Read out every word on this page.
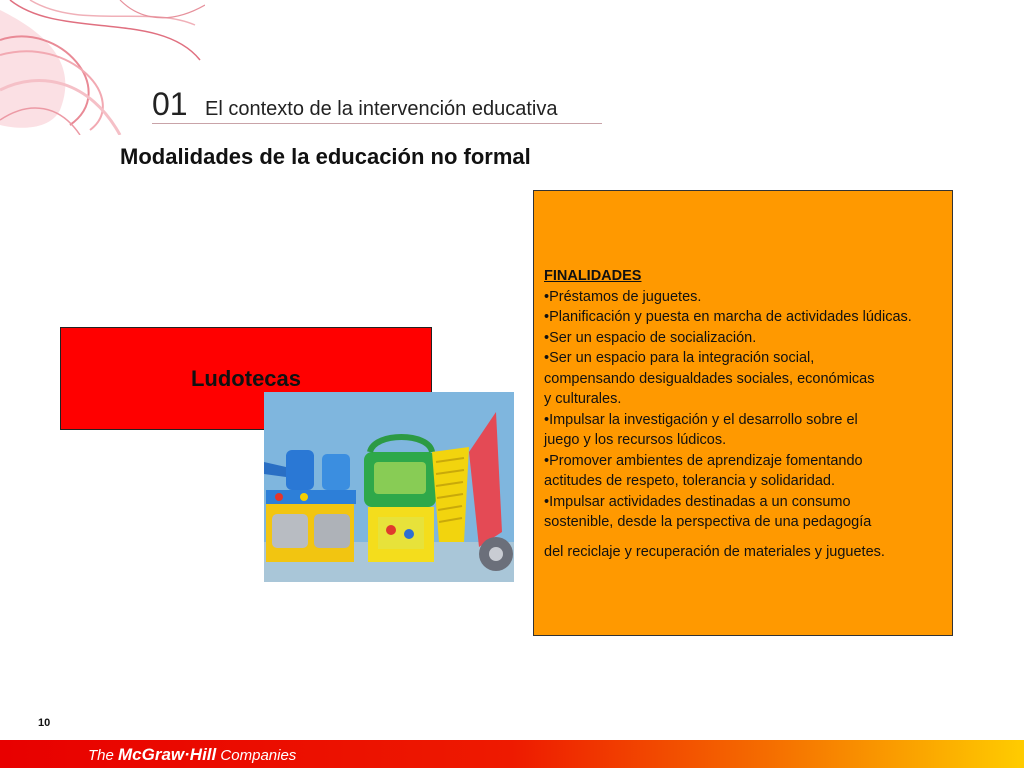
01 El contexto de la intervención educativa
Modalidades de la educación no formal
Ludotecas
FINALIDADES
•Préstamos de juguetes.
•Planificación y puesta en marcha de actividades lúdicas.
•Ser un espacio de socialización.
•Ser un espacio para la integración social,
compensando desigualdades sociales, económicas
y culturales.
•Impulsar la investigación y el desarrollo sobre el
juego y los recursos lúdicos.
•Promover ambientes de aprendizaje fomentando
actitudes de respeto, tolerancia y solidaridad.
•Impulsar actividades destinadas a un consumo
sostenible, desde la perspectiva de una pedagogía
del reciclaje y recuperación de materiales y juguetes.
10
The McGraw·Hill Companies
